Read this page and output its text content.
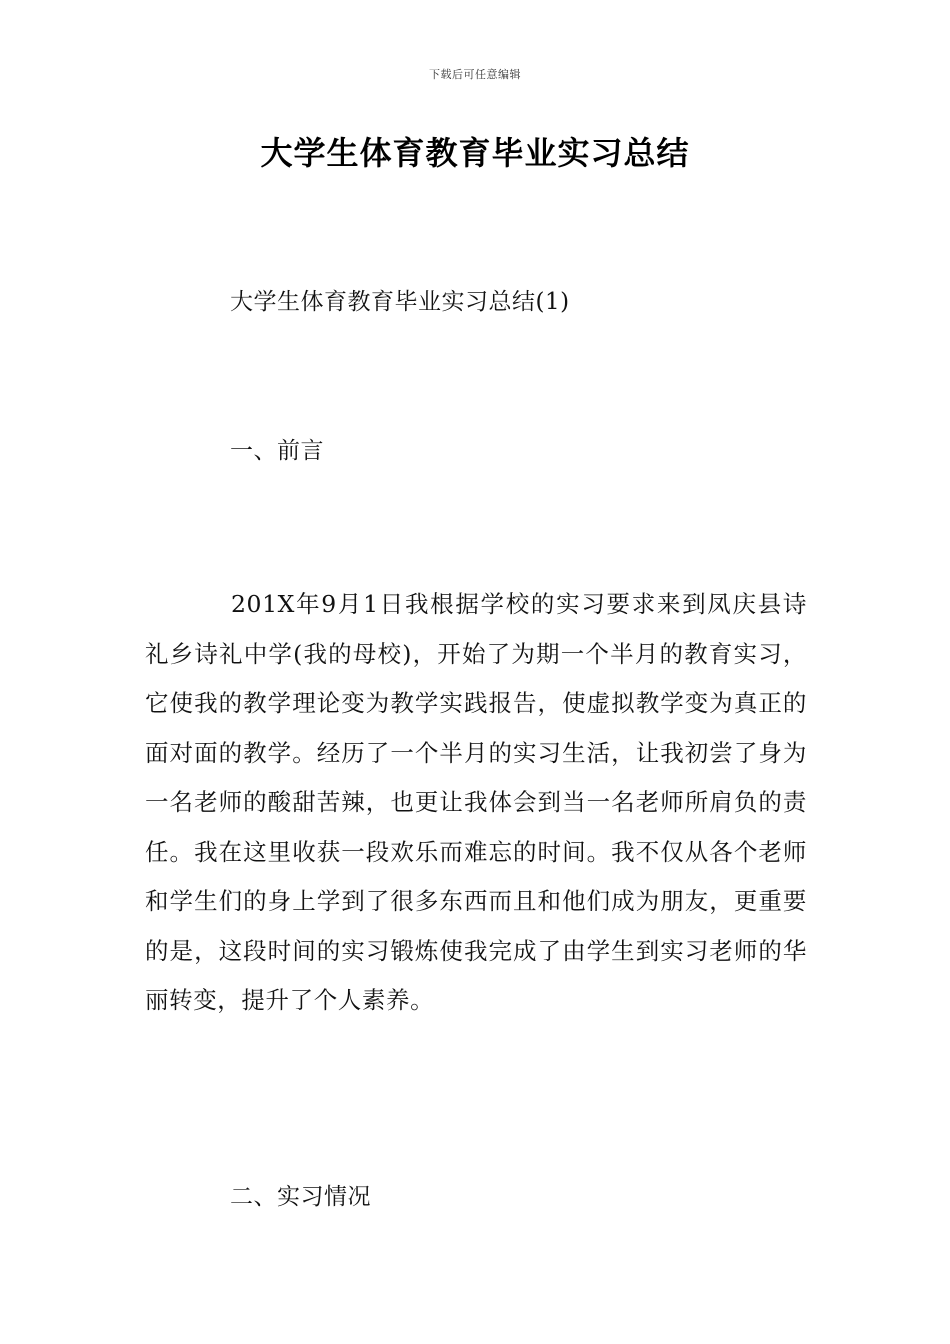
下载后可任意编辑
大学生体育教育毕业实习总结
大学生体育教育毕业实习总结(1)
一、前言

201X年9月1日我根据学校的实习要求来到凤庆县诗礼乡诗礼中学(我的母校)，开始了为期一个半月的教育实习，它使我的教学理论变为教学实践报告，使虚拟教学变为真正的面对面的教学。经历了一个半月的实习生活，让我初尝了身为一名老师的酸甜苦辣，也更让我体会到当一名老师所肩负的责任。我在这里收获一段欢乐而难忘的时间。我不仅从各个老师和学生们的身上学到了很多东西而且和他们成为朋友，更重要的是，这段时间的实习锻炼使我完成了由学生到实习老师的华丽转变，提升了个人素养。

二、实习情况
